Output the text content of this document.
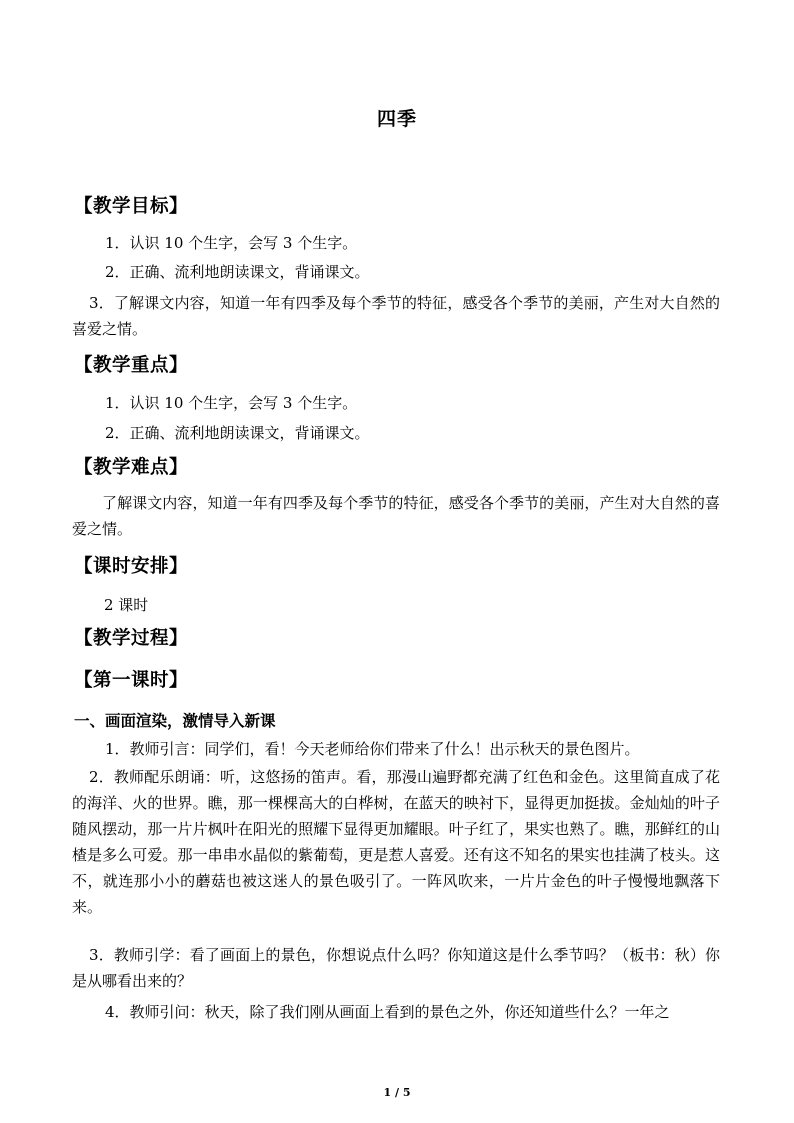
四季
【教学目标】
1．认识 10 个生字，会写 3 个生字。
2．正确、流利地朗读课文，背诵课文。
3．了解课文内容，知道一年有四季及每个季节的特征，感受各个季节的美丽，产生对大自然的喜爱之情。
【教学重点】
1．认识 10 个生字，会写 3 个生字。
2．正确、流利地朗读课文，背诵课文。
【教学难点】
了解课文内容，知道一年有四季及每个季节的特征，感受各个季节的美丽，产生对大自然的喜爱之情。
【课时安排】
2 课时
【教学过程】
【第一课时】
一、画面渲染，激情导入新课
1．教师引言：同学们，看！今天老师给你们带来了什么！出示秋天的景色图片。
2．教师配乐朗诵：听，这悠扬的笛声。看，那漫山遍野都充满了红色和金色。这里简直成了花的海洋、火的世界。瞧，那一棵棵高大的白桦树，在蓝天的映衬下，显得更加挺拔。金灿灿的叶子随风摆动，那一片片枫叶在阳光的照耀下显得更加耀眼。叶子红了，果实也熟了。瞧，那鲜红的山楂是多么可爱。那一串串水晶似的紫葡萄，更是惹人喜爱。还有这不知名的果实也挂满了枝头。这不，就连那小小的蘑菇也被这迷人的景色吸引了。一阵风吹来，一片片金色的叶子慢慢地飘落下来。
3．教师引学：看了画面上的景色，你想说点什么吗？你知道这是什么季节吗？（板书：秋）你是从哪看出来的？
4．教师引问：秋天，除了我们刚从画面上看到的景色之外，你还知道些什么？一年之
1 / 5
